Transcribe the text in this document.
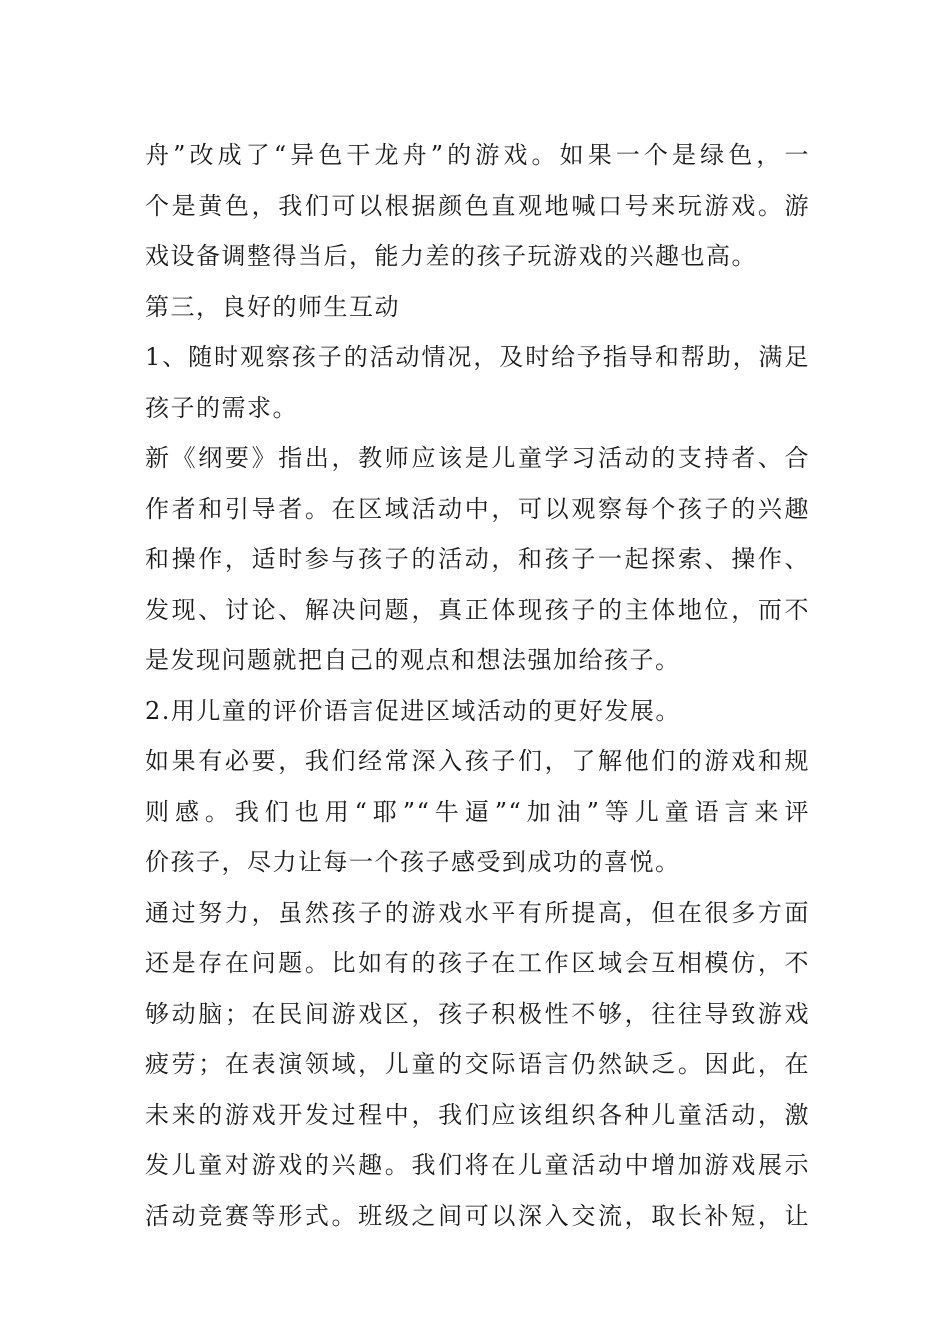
舟”改成了“异色干龙舟”的游戏。如果一个是绿色，一
个是黄色，我们可以根据颜色直观地喊口号来玩游戏。游
戏设备调整得当后，能力差的孩子玩游戏的兴趣也高。
第三，良好的师生互动
1、随时观察孩子的活动情况，及时给予指导和帮助，满足
孩子的需求。
新《纲要》指出，教师应该是儿童学习活动的支持者、合
作者和引导者。在区域活动中，可以观察每个孩子的兴趣
和操作，适时参与孩子的活动，和孩子一起探索、操作、
发现、讨论、解决问题，真正体现孩子的主体地位，而不
是发现问题就把自己的观点和想法强加给孩子。
2.用儿童的评价语言促进区域活动的更好发展。
如果有必要，我们经常深入孩子们，了解他们的游戏和规
则感。我们也用“耶”“牛逼”“加油”等儿童语言来评
价孩子，尽力让每一个孩子感受到成功的喜悦。
通过努力，虽然孩子的游戏水平有所提高，但在很多方面
还是存在问题。比如有的孩子在工作区域会互相模仿，不
够动脑；在民间游戏区，孩子积极性不够，往往导致游戏
疲劳；在表演领域，儿童的交际语言仍然缺乏。因此，在
未来的游戏开发过程中，我们应该组织各种儿童活动，激
发儿童对游戏的兴趣。我们将在儿童活动中增加游戏展示
活动竞赛等形式。班级之间可以深入交流，取长补短，让
